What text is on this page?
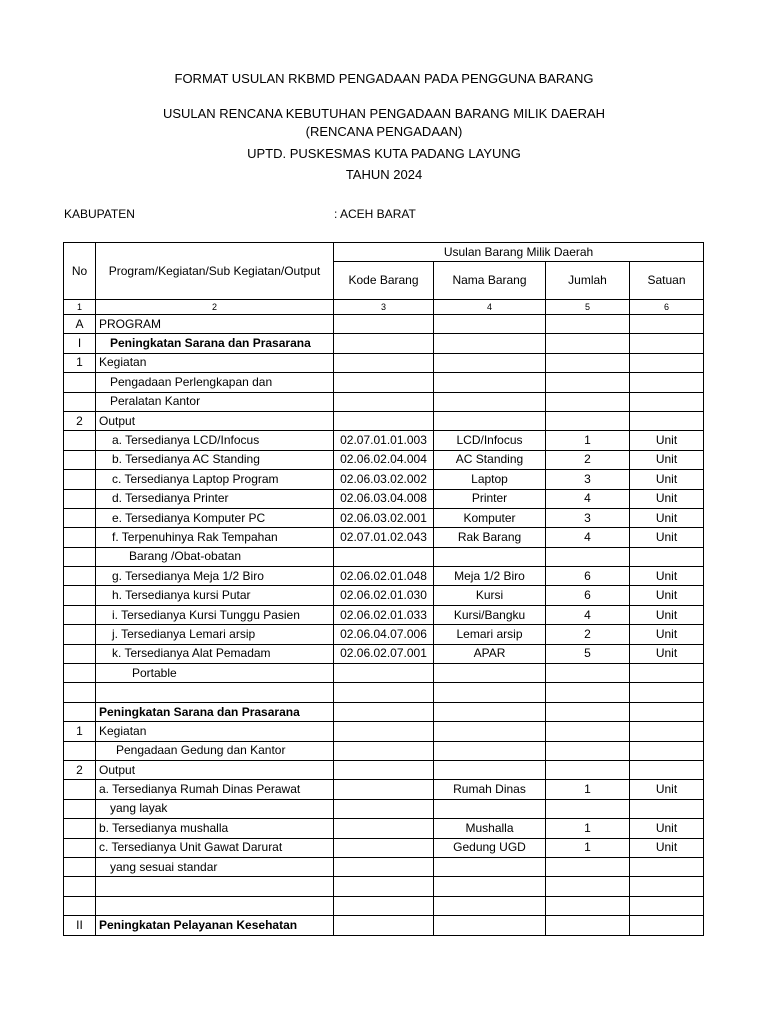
FORMAT USULAN RKBMD PENGADAAN PADA PENGGUNA BARANG
USULAN RENCANA KEBUTUHAN PENGADAAN BARANG MILIK DAERAH
(RENCANA PENGADAAN)
UPTD. PUSKESMAS KUTA PADANG LAYUNG
TAHUN 2024
KABUPATEN	: ACEH BARAT
No	Program/Kegiatan/Sub Kegiatan/Output	Usulan Barang Milik Daerah			
		Kode Barang	Nama Barang	Jumlah	Satuan
1	2	3	4	5	6
A	PROGRAM				
I	Peningkatan Sarana dan Prasarana				
1	Kegiatan				
	Pengadaan Perlengkapan dan				
	Peralatan Kantor				
2	Output				
	a. Tersedianya LCD/Infocus	02.07.01.01.003	LCD/Infocus	1	Unit
	b. Tersedianya AC Standing	02.06.02.04.004	AC Standing	2	Unit
	c. Tersedianya Laptop Program	02.06.03.02.002	Laptop	3	Unit
	d. Tersedianya Printer	02.06.03.04.008	Printer	4	Unit
	e. Tersedianya Komputer PC	02.06.03.02.001	Komputer	3	Unit
	f. Terpenuhinya Rak Tempahan	02.07.01.02.043	Rak Barang	4	Unit
	Barang /Obat-obatan				
	g. Tersedianya Meja 1/2 Biro	02.06.02.01.048	Meja 1/2 Biro	6	Unit
	h. Tersedianya kursi Putar	02.06.02.01.030	Kursi	6	Unit
	i. Tersedianya Kursi Tunggu Pasien	02.06.02.01.033	Kursi/Bangku	4	Unit
	j. Tersedianya Lemari arsip	02.06.04.07.006	Lemari arsip	2	Unit
	k. Tersedianya Alat Pemadam	02.06.02.07.001	APAR	5	Unit
	Portable				

	Peningkatan Sarana dan Prasarana				
1	Kegiatan				
	Pengadaan Gedung dan Kantor				
2	Output				
	a. Tersedianya Rumah Dinas Perawat		Rumah Dinas	1	Unit
	yang layak				
	b. Tersedianya mushalla		Mushalla	1	Unit
	c. Tersedianya Unit Gawat Darurat		Gedung UGD	1	Unit
	yang sesuai standar				

II	Peningkatan Pelayanan Kesehatan				
